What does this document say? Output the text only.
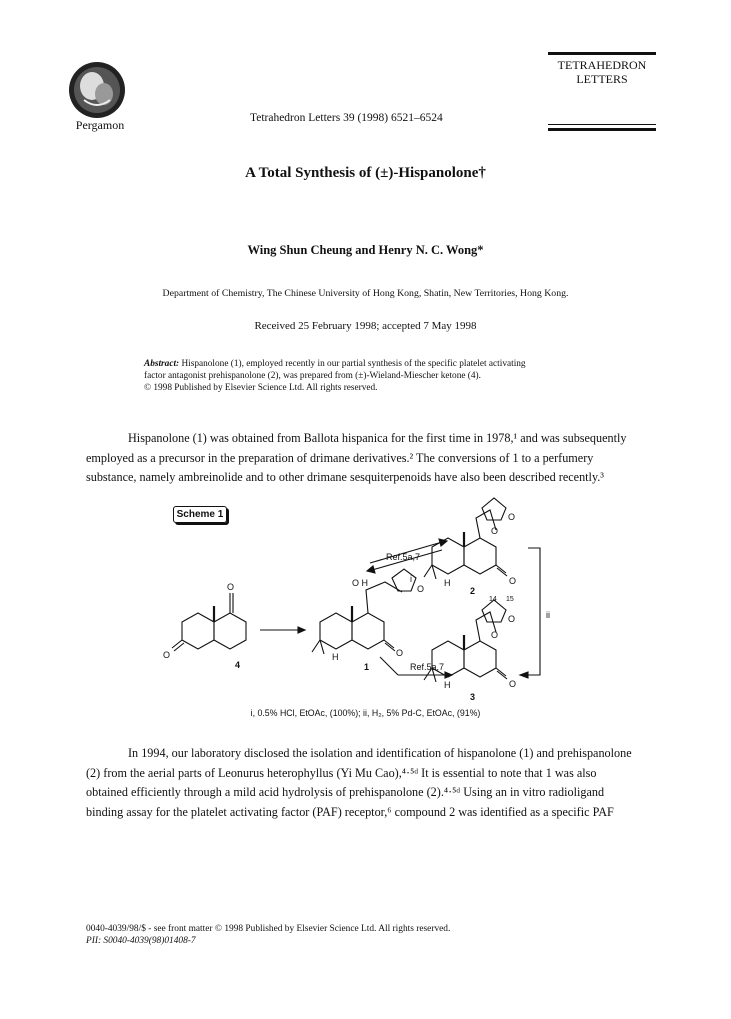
Pergamon	Tetrahedron Letters 39 (1998) 6521–6524
TETRAHEDRON
LETTERS
A Total Synthesis of (±)-Hispanolone†
Wing Shun Cheung and Henry N. C. Wong*
Department of Chemistry, The Chinese University of Hong Kong, Shatin, New Territories, Hong Kong.
Received 25 February 1998; accepted 7 May 1998
Abstract: Hispanolone (1), employed recently in our partial synthesis of the specific platelet activating
factor antagonist prehispanolone (2), was prepared from (±)-Wieland-Miescher ketone (4).
© 1998 Published by Elsevier Science Ltd. All rights reserved.

Hispanolone (1) was obtained from Ballota hispanica for the first time in 1978,¹ and was subsequently

employed as a precursor in the preparation of drimane derivatives.² The conversions of 1 to a perfumery
substance, namely ambreinolide and to other drimane sesquiterpenoids have also been described recently.³
Scheme 1
Ref.5a,7
i
Ref.5a,7
ii
O
O
4
O
O H
O
H
1
O
O
O
H
2
14 15
O
O
O
H
3
i, 0.5% HCl, EtOAc, (100%); ii, H₂, 5% Pd-C, EtOAc, (91%)

In 1994, our laboratory disclosed the isolation and identification of hispanolone (1) and prehispanolone

(2) from the aerial parts of Leonurus heterophyllus (Yi Mu Cao),⁴·⁵ᵈ It is essential to note that 1 was also
obtained efficiently through a mild acid hydrolysis of prehispanolone (2).⁴·⁵ᵈ Using an in vitro radioligand
binding assay for the platelet activating factor (PAF) receptor,⁶ compound 2 was identified as a specific PAF
0040-4039/98/$ - see front matter © 1998 Published by Elsevier Science Ltd. All rights reserved.
PII: S0040-4039(98)01408-7
